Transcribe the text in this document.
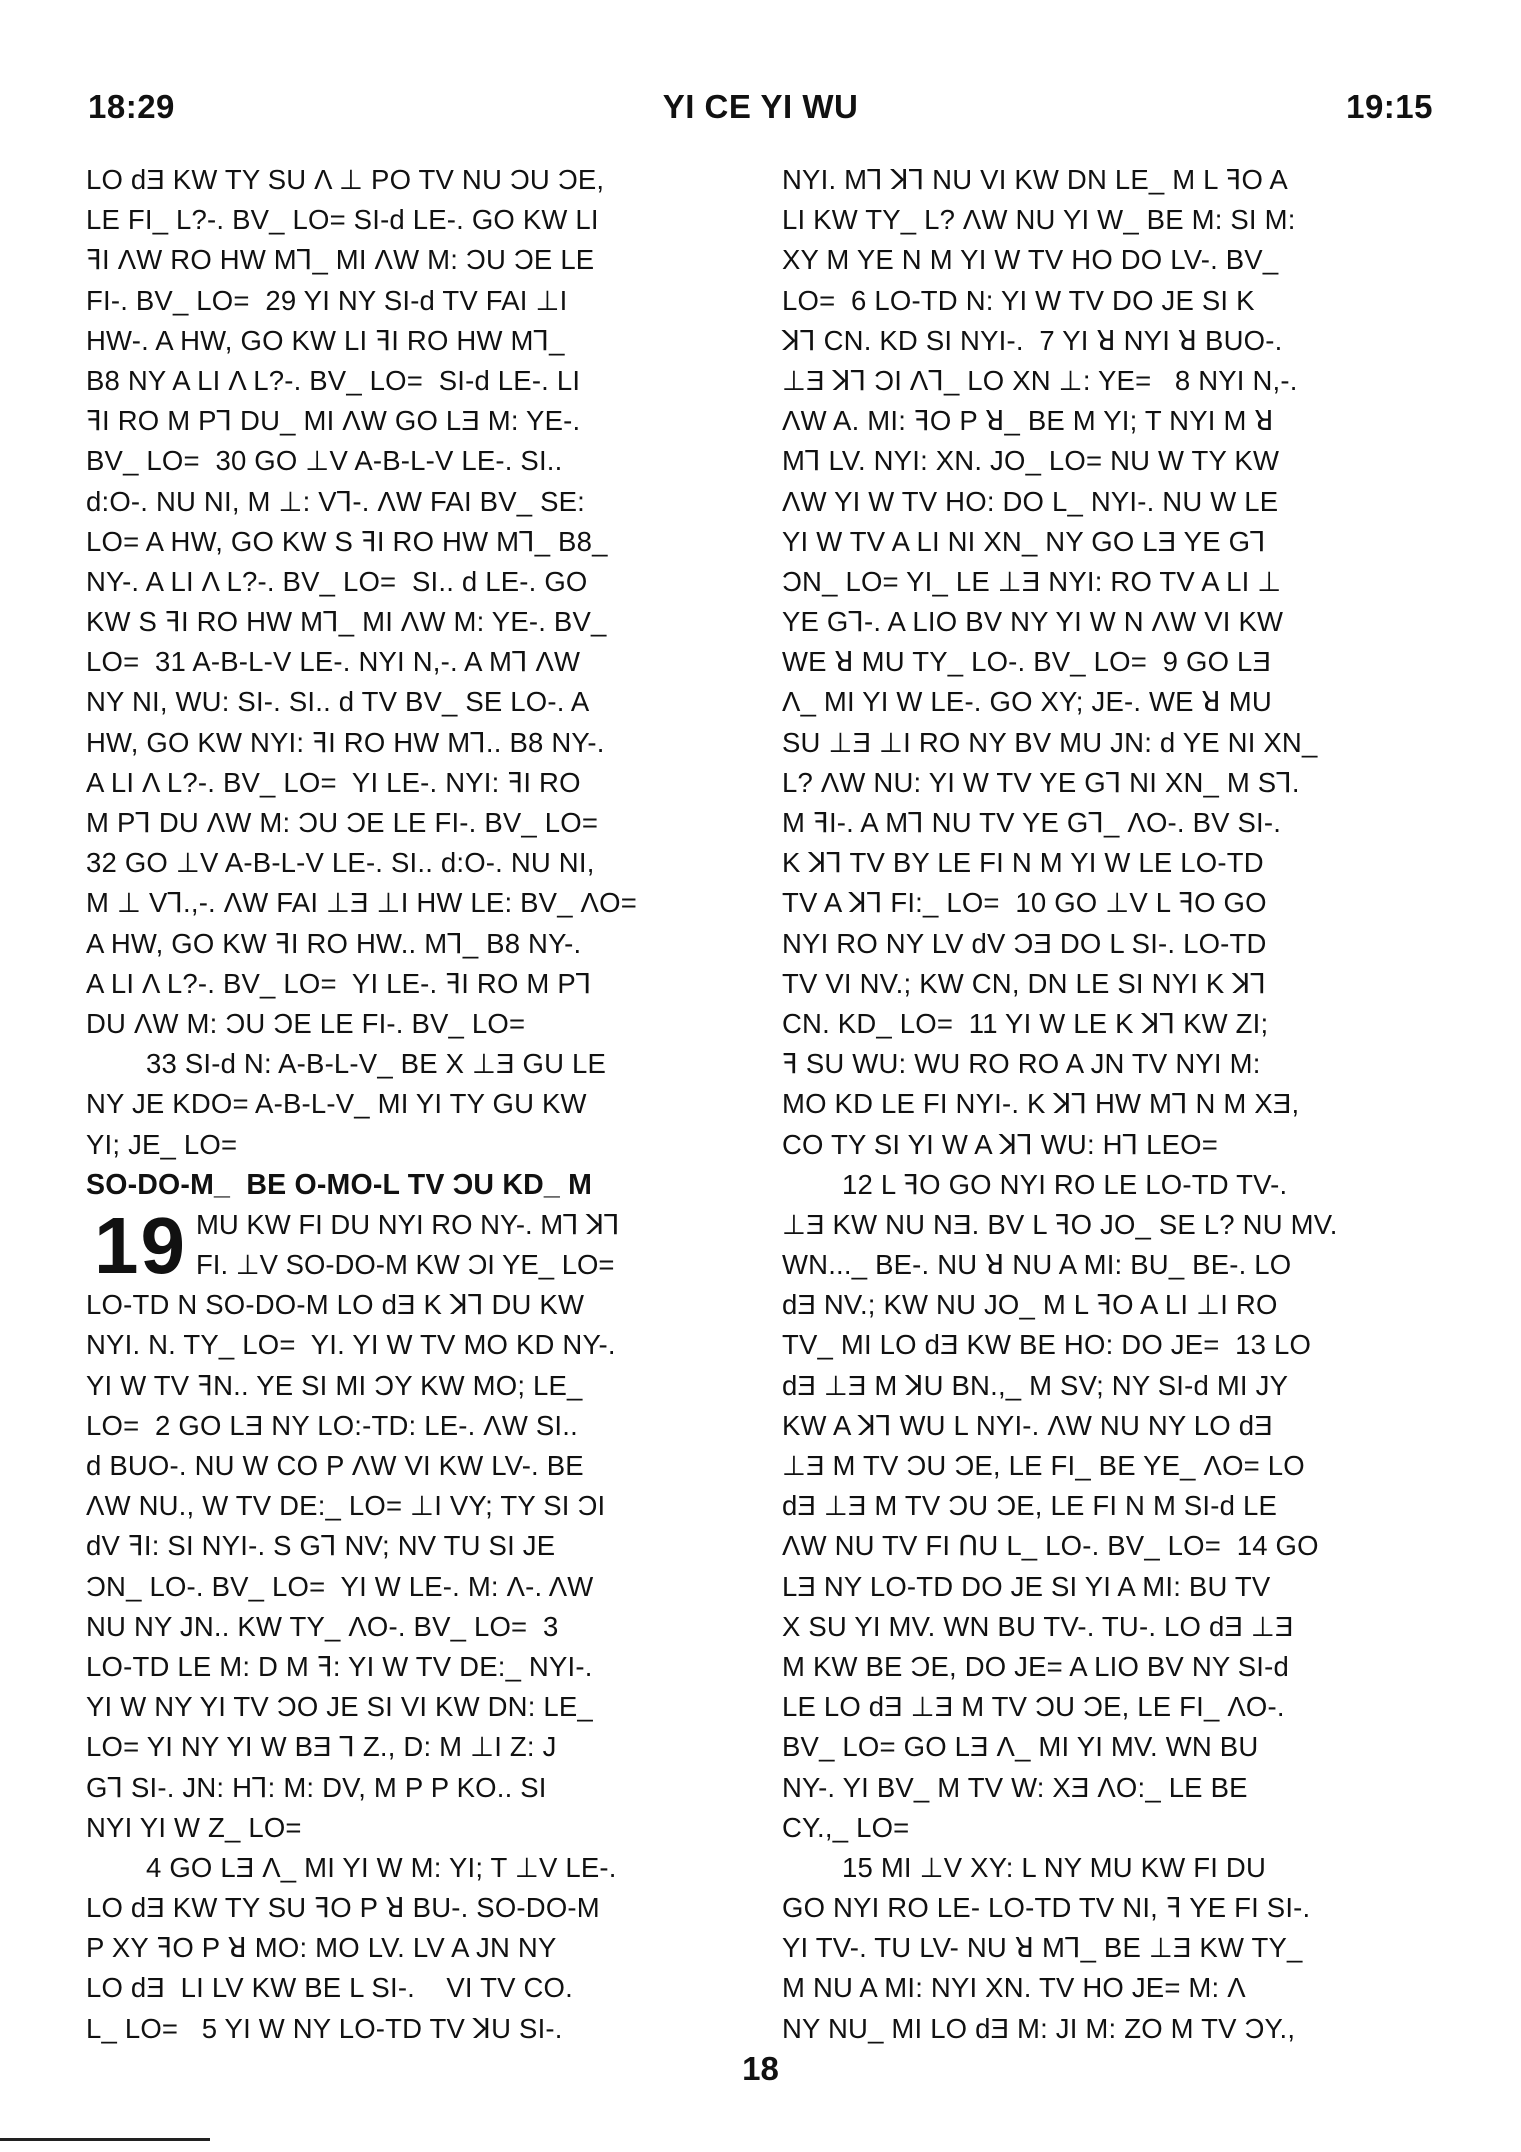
18:29	YI CE YI WU	19:15
LO dƎ KW TY SU Λ ⊥ PO TV NU ƆU ƆE,
LE FI_ L?-. BV_ LO= SI-d LE-. GO KW LI
ꟻI ΛW RO HW MꞀ_ MI ΛW M: ƆU ƆE LE
FI-. BV_ LO=  29 YI NY SI-d TV FAI ⊥I
HW-. A HW, GO KW LI ꟻI RO HW MꞀ_
B8 NY A LI Λ L?-. BV_ LO=  SI-d LE-. LI
ꟻI RO M PꞀ DU_ MI ΛW GO LƎ M: YE-.
BV_ LO=  30 GO ⊥V A-B-L-V LE-. SI..
d:O-. NU NI, M ⊥: VꞀ-. ΛW FAI BV_ SE:
LO= A HW, GO KW S ꟻI RO HW MꞀ_ B8_
NY-. A LI Λ L?-. BV_ LO=  SI.. d LE-. GO
KW S ꟻI RO HW MꞀ_ MI ΛW M: YE-. BV_
LO=  31 A-B-L-V LE-. NYI N,-. A MꞀ ΛW
NY NI, WU: SI-. SI.. d TV BV_ SE LO-. A
HW, GO KW NYI: ꟻI RO HW MꞀ.. B8 NY-.
A LI Λ L?-. BV_ LO=  YI LE-. NYI: ꟻI RO
M PꞀ DU ΛW M: ƆU ƆE LE FI-. BV_ LO=
32 GO ⊥V A-B-L-V LE-. SI.. d:O-. NU NI,
M ⊥ VꞀ.,-. ΛW FAI ⊥Ǝ ⊥I HW LE: BV_ ΛO=
A HW, GO KW ꟻI RO HW.. MꞀ_ B8 NY-.
A LI Λ L?-. BV_ LO=  YI LE-. ꟻI RO M PꞀ
DU ΛW M: ƆU ƆE LE FI-. BV_ LO=
33 SI-d N: A-B-L-V_ BE X ⊥Ǝ GU LE
NY JE KDO= A-B-L-V_ MI YI TY GU KW
YI; JE_ LO=
SO-DO-M_  BE O-MO-L TV ƆU KD_ M
19 MU KW FI DU NYI RO NY-. MꞀ ꓘꞀ
FI. ⊥V SO-DO-M KW ƆI YE_ LO=
LO-TD N SO-DO-M LO dƎ K ꓘꞀ DU KW
NYI. N. TY_ LO=  YI. YI W TV MO KD NY-.
YI W TV ꟻN.. YE SI MI ƆY KW MO; LE_
LO=  2 GO LƎ NY LO:-TD: LE-. ΛW SI..
d BUO-. NU W CO P ΛW VI KW LV-. BE
ΛW NU., W TV DE:_ LO= ⊥I VY; TY SI ƆI
dV ꟻI: SI NYI-. S GꞀ NV; NV TU SI JE
ƆN_ LO-. BV_ LO=  YI W LE-. M: Λ-. ΛW
NU NY JN.. KW TY_ ΛO-. BV_ LO=  3
LO-TD LE M: D M ꟻ: YI W TV DE:_ NYI-.
YI W NY YI TV ƆO JE SI VI KW DN: LE_
LO= YI NY YI W BƎ Ꞁ Z., D: M ⊥I Z: J
GꞀ SI-. JN: HꞀ: M: DV, M P P KO.. SI
NYI YI W Z_ LO=
4 GO LƎ Λ_ MI YI W M: YI; T ⊥V LE-.
LO dƎ KW TY SU ꟻO P ꓤ BU-. SO-DO-M
P XY ꟻO P ꓤ MO: MO LV. LV A JN NY
LO dƎ  LI LV KW BE L SI-.    VI TV CO.
L_ LO=   5 YI W NY LO-TD TV ꓘU SI-.
NYI. MꞀ ꓘꞀ NU VI KW DN LE_ M L ꟻO A
LI KW TY_ L? ΛW NU YI W_ BE M: SI M:
XY M YE N M YI W TV HO DO LV-. BV_
LO=  6 LO-TD N: YI W TV DO JE SI K
ꓘꞀ CN. KD SI NYI-.  7 YI ꓤ NYI ꓤ BUO-.
⊥Ǝ ꓘꞀ ƆI ΛꞀ_ LO XN ⊥: YE=   8 NYI N,-.
ΛW A. MI: ꟻO P ꓤ_ BE M YI; T NYI M ꓤ
MꞀ LV. NYI: XN. JO_ LO= NU W TY KW
ΛW YI W TV HO: DO L_ NYI-. NU W LE
YI W TV A LI NI XN_ NY GO LƎ YE GꞀ
ƆN_ LO= YI_ LE ⊥Ǝ NYI: RO TV A LI ⊥
YE GꞀ-. A LIO BV NY YI W N ΛW VI KW
WE ꓤ MU TY_ LO-. BV_ LO=  9 GO LƎ
Λ_ MI YI W LE-. GO XY; JE-. WE ꓤ MU
SU ⊥Ǝ ⊥I RO NY BV MU JN: d YE NI XN_
L? ΛW NU: YI W TV YE GꞀ NI XN_ M SꞀ.
M ꟻI-. A MꞀ NU TV YE GꞀ_ ΛO-. BV SI-.
K ꓘꞀ TV BY LE FI N M YI W LE LO-TD
TV A ꓘꞀ FI:_ LO=  10 GO ⊥V L ꟻO GO
NYI RO NY LV dV ƆƎ DO L SI-. LO-TD
TV VI NV.; KW CN, DN LE SI NYI K ꓘꞀ
CN. KD_ LO=  11 YI W LE K ꓘꞀ KW ZI;
ꟻ SU WU: WU RO RO A JN TV NYI M:
MO KD LE FI NYI-. K ꓘꞀ HW MꞀ N M XƎ,
CO TY SI YI W A ꓘꞀ WU: HꞀ LEO=
12 L ꟻO GO NYI RO LE LO-TD TV-.
⊥Ǝ KW NU NƎ. BV L ꟻO JO_ SE L? NU MV.
WN..._ BE-. NU ꓤ NU A MI: BU_ BE-. LO
dƎ NV.; KW NU JO_ M L ꟻO A LI ⊥I RO
TV_ MI LO dƎ KW BE HO: DO JE=  13 LO
dƎ ⊥Ǝ M ꓘU BN.,_ M SV; NY SI-d MI JY
KW A ꓘꞀ WU L NYI-. ΛW NU NY LO dƎ
⊥Ǝ M TV ƆU ƆE, LE FI_ BE YE_ ΛO= LO
dƎ ⊥Ǝ M TV ƆU ƆE, LE FI N M SI-d LE
ΛW NU TV FI ꓵU L_ LO-. BV_ LO=  14 GO
LƎ NY LO-TD DO JE SI YI A MI: BU TV
X SU YI MV. WN BU TV-. TU-. LO dƎ ⊥Ǝ
M KW BE ƆE, DO JE= A LIO BV NY SI-d
LE LO dƎ ⊥Ǝ M TV ƆU ƆE, LE FI_ ΛO-.
BV_ LO= GO LƎ Λ_ MI YI MV. WN BU
NY-. YI BV_ M TV W: XƎ ΛO:_ LE BE
CY.,_ LO=
15 MI ⊥V XY: L NY MU KW FI DU
GO NYI RO LE- LO-TD TV NI, ꟻ YE FI SI-.
YI TV-. TU LV- NU ꓤ MꞀ_ BE ⊥Ǝ KW TY_
M NU A MI: NYI XN. TV HO JE= M: Λ
NY NU_ MI LO dƎ M: JI M: ZO M TV ƆY.,
18
